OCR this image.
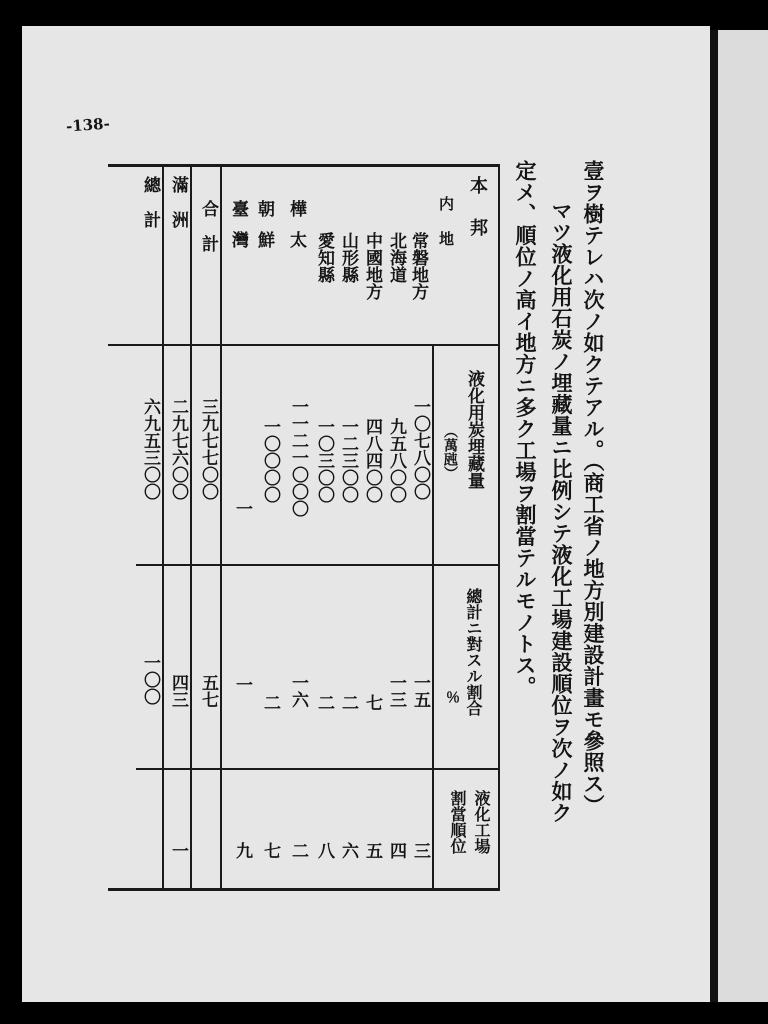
-138-
壹ヲ樹テレハ次ノ如クテアル。（商工省ノ地方別建設計畫モ參照ス）
マツ液化用石炭ノ埋藏量ニ比例シテ液化工場建設順位ヲ次ノ如ク
定メ、順位ノ高イ地方ニ多ク工場ヲ割當テルモノトス。
本邦
内地
液化用炭埋藏量
（萬瓲）
總計ニ對スル割合
％
液化工場
割當順位
常磐地方
北海道
中國地方
山形縣
愛知縣
樺太
朝鮮
臺灣
合計
滿洲
總計
一〇七八〇〇
九五八〇〇
四八四〇〇
一二三〇〇
一〇三〇〇
一一二一〇〇〇
一〇〇〇〇
一
三九七七〇〇
二九七六〇〇
六九五三〇〇
一五
一三
七
二
二
一六
二
一
五七
四三
一〇〇
三
四
五
六
八
二
七
九
一
